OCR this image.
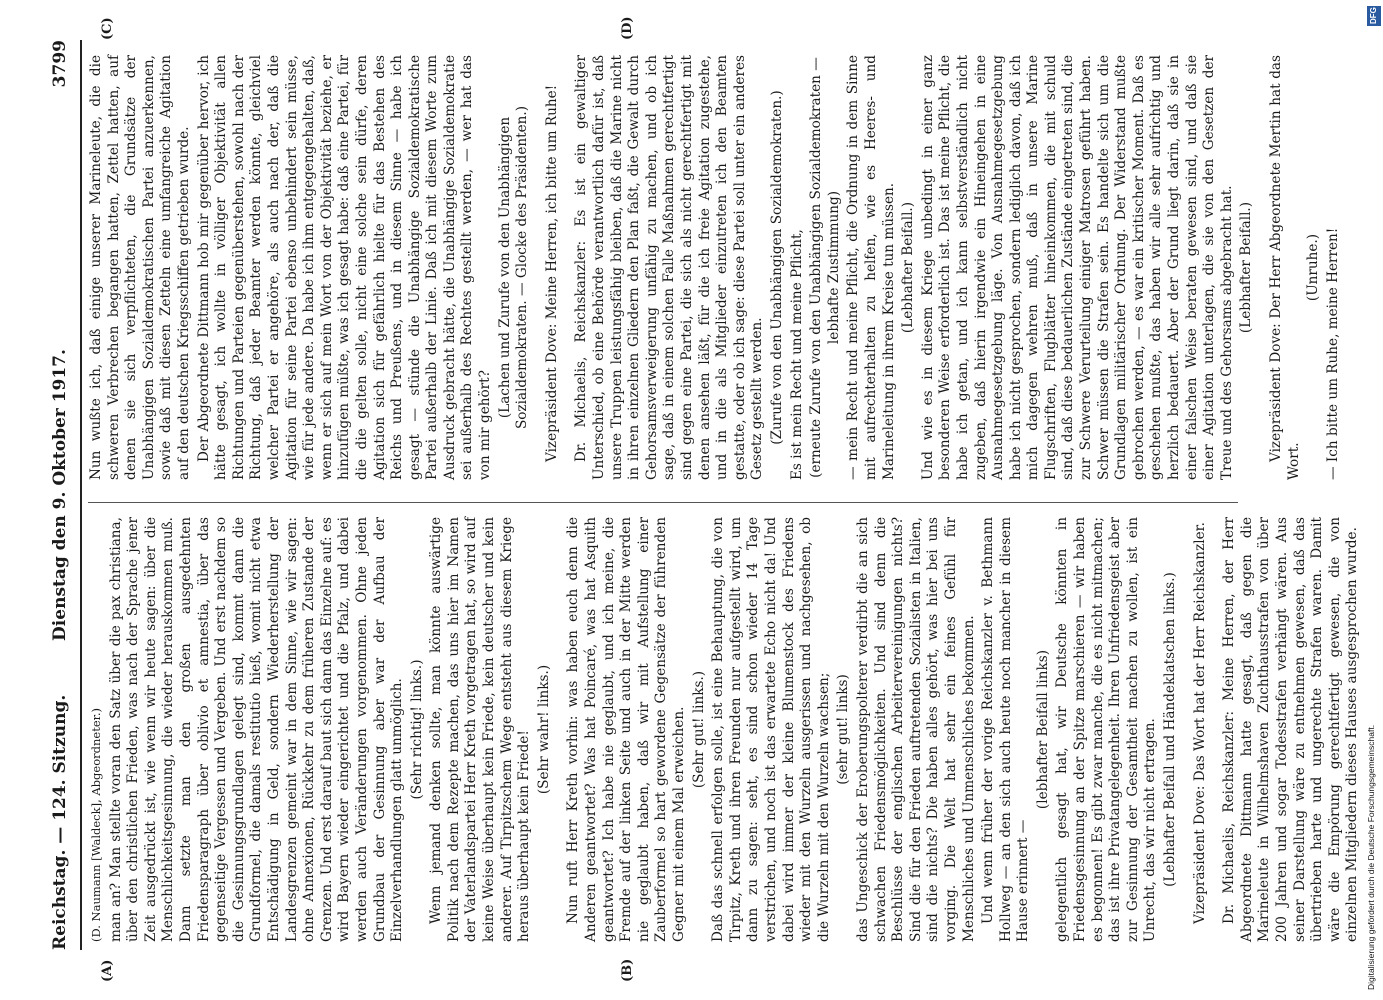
Reichstag. — 124. Sitzung.
Dienstag den 9. Oktober 1917.
3799
(A)	(B)
(C)	(D)

(D. Naumann [Waldeck], Abgeordneter.) man an? Man stellte voran den Satz über die pax christiana, über den christlichen Frieden, was nach der Sprache jener Zeit ausgedrückt ist, wie wenn wir heute sagen: über die Menschlichkeitsgesinnung, die wieder herauskommen muß. Dann setzte man den großen ausgedehnten Friedensparagraph über oblivio et amnestia, über das gegenseitige Vergessen und Vergeben. Und erst nachdem so die Gesinnungsgrundlagen gelegt sind, kommt dann die Grundformel, die damals restitutio hieß, womit nicht etwa Entschädigung in Geld, sondern Wiederherstellung der Landesgrenzen gemeint war in dem Sinne, wie wir sagen: ohne Annexionen, Rückkehr zu dem früheren Zustande der Grenzen. Und erst darauf baut sich dann das Einzelne auf: es wird Bayern wieder eingerichtet und die Pfalz, und dabei werden auch Veränderungen vorgenommen. Ohne jeden Grundbau der Gesinnung aber war der Aufbau der Einzelverhandlungen glatt unmöglich. (Sehr richtig! links.) Wenn jemand denken sollte, man könnte auswärtige Politik nach dem Rezepte machen, das uns hier im Namen der Vaterlandspartei Herr Kreth vorgetragen hat, so wird auf keine Weise überhaupt kein Friede, kein deutscher und kein anderer. Auf Tirpitzschem Wege entsteht aus diesem Kriege heraus überhaupt kein Friede!

(Sehr wahr! links.) Nun ruft Herr Kreth vorhin: was haben euch denn die Anderen geantwortet? Was hat Poincaré, was hat Asquith geantwortet? Ich habe nie geglaubt, und ich meine, die Fremde auf der linken Seite und auch in der Mitte werden nie geglaubt haben, daß wir mit Aufstellung einer Zauberformel so hart gewordene Gegensätze der führenden Gegner mit einem Mal erweichen. (Sehr gut! links.) Daß das schnell erfolgen solle, ist eine Behauptung, die von Tirpitz, Kreth und ihren Freunden nur aufgestellt wird, um dann zu sagen: seht, es sind schon wieder 14 Tage verstrichen, und noch ist das erwartete Echo nicht da! Und dabei wird immer der kleine Blumenstock des Friedens wieder mit den Wurzeln ausgerissen und nachgesehen, ob die Wurzeln mit den Wurzeln wachsen; (sehr gut! links) das Ungeschick der Eroberungspolterer verdirbt die an sich schwachen Friedensmöglichkeiten. Und sind denn die Beschlüsse der englischen Arbeitervereinigungen nichts? Sind die für den Frieden auftretenden Sozialisten in Italien, sind die nichts? Die haben alles gehört, was hier bei uns vorging. Die Welt hat sehr ein feines Gefühl für Menschliches und Unmenschliches bekommen. Und wenn früher der vorige Reichskanzler v. Bethmann Hollweg — an den sich auch heute noch mancher in diesem Hause erinnert —

(lebhafter Beifall links) gelegentlich gesagt hat, wir Deutsche könnten in Friedensgesinnung an der Spitze marschieren — wir haben es begonnen! Es gibt zwar manche, die es nicht mitmachen; das ist ihre Privatangelegenheit. Ihren Unfriedensgeist aber zur Gesinnung der Gesamtheit machen zu wollen, ist ein Unrecht, das wir nicht ertragen. (Lebhafter Beifall und Händeklatschen links.) Vizepräsident Dove: Das Wort hat der Herr Reichskanzler. Dr. Michaelis, Reichskanzler: Meine Herren, der Herr Abgeordnete Dittmann hatte gesagt, daß gegen die Marineleute in Wilhelmshaven Zuchthausstrafen von über 200 Jahren und sogar Todesstrafen verhängt wären. Aus seiner Darstellung wäre zu entnehmen gewesen, daß das übertrieben harte und ungerechte Strafen waren. Damit wäre die Empörung gerechtfertigt gewesen, die von einzelnen Mitgliedern dieses Hauses ausgesprochen wurde.

Nun wußte ich, daß einige unserer Marineleute, die die schweren Verbrechen begangen hatten, Zettel hatten, auf denen sie sich verpflichteten, die Grundsätze der Unabhängigen Sozialdemokratischen Partei anzuerkennen, sowie daß mit diesen Zetteln eine umfangreiche Agitation auf den deutschen Kriegsschiffen getrieben wurde. Der Abgeordnete Dittmann hob mir gegenüber hervor, ich hätte gesagt, ich wollte in völliger Objektivität allen Richtungen und Parteien gegenüberstehen, sowohl nach der Richtung, daß jeder Beamter werden könnte, gleichviel welcher Partei er angehöre, als auch nach der, daß die Agitation für seine Partei ebenso unbehindert sein müsse, wie für jede andere. Da habe ich ihm entgegengehalten, daß, wenn er sich auf mein Wort von der Objektivität beziehe, er hinzufügen müßte, was ich gesagt habe: daß eine Partei, für die die gelten solle, nicht eine solche sein dürfe, deren Agitation sich für gefährlich hielte für das Bestehen des Reichs und Preußens, und in diesem Sinne — habe ich gesagt — stünde die Unabhängige Sozialdemokratische Partei außerhalb der Linie. Daß ich mit diesem Worte zum Ausdruck gebracht hätte, die Unabhängige Sozialdemokratie sei außerhalb des Rechtes gestellt werden, — wer hat das von mir gehört?

(Lachen und Zurufe von den Unabhängigen Sozialdemokraten. — Glocke des Präsidenten.) Vizepräsident Dove: Meine Herren, ich bitte um Ruhe! Dr. Michaelis, Reichskanzler: Es ist ein gewaltiger Unterschied, ob eine Behörde verantwortlich dafür ist, daß unsere Truppen leistungsfähig bleiben, daß die Marine nicht in ihren einzelnen Gliedern den Plan faßt, die Gewalt durch Gehorsamsverweigerung unfähig zu machen, und ob ich sage, daß in einem solchen Falle Maßnahmen gerechtfertigt sind gegen eine Partei, die sich als nicht gerechtfertigt mit denen ansehen läßt, für die ich freie Agitation zugestehe, und in die als Mitglieder einzutreten ich den Beamten gestatte, oder ob ich sage: diese Partei soll unter ein anderes Gesetz gestellt werden. (Zurufe von den Unabhängigen Sozialdemokraten.) Es ist mein Recht und meine Pflicht, (erneute Zurufe von den Unabhängigen Sozialdemokraten — lebhafte Zustimmung) — mein Recht und meine Pflicht, die Ordnung in dem Sinne mit aufrechterhalten zu helfen, wie es Heeres- und Marineleitung in ihrem Kreise tun müssen. (Lebhafter Beifall.) Und wie es in diesem Kriege unbedingt in einer ganz besonderen Weise erforderlich ist. Das ist meine Pflicht, die habe ich getan, und ich kann selbstverständlich nicht zugeben, daß hierin irgendwie ein Hineingehen in eine Ausnahmegesetzgebung läge. Von Ausnahmegesetzgebung habe ich nicht gesprochen, sondern lediglich davon, daß ich mich dagegen wehren muß, daß in unsere Marine Flugschriften, Flugblätter hineinkommen, die mit schuld sind, daß diese bedauerlichen Zustände eingetreten sind, die zur Schwere Verurteilung einiger Matrosen geführt haben. Schwer müssen die Strafen sein. Es handelte sich um die Grundlagen militärischer Ordnung. Der Widerstand mußte gebrochen werden, — es war ein kritischer Moment. Daß es geschehen mußte, das haben wir alle sehr aufrichtig und herzlich bedauert. Aber der Grund liegt darin, daß sie in einer falschen Weise beraten gewesen sind, und daß sie einer Agitation unterlagen, die sie von den Gesetzen der Treue und des Gehorsams abgebracht hat. (Lebhafter Beifall.) Vizepräsident Dove: Der Herr Abgeordnete Mertin hat das Wort.

(Unruhe.) — Ich bitte um Ruhe, meine Herren!

DFG
Digitalisierung gefördert durch die Deutsche Forschungsgemeinschaft.
